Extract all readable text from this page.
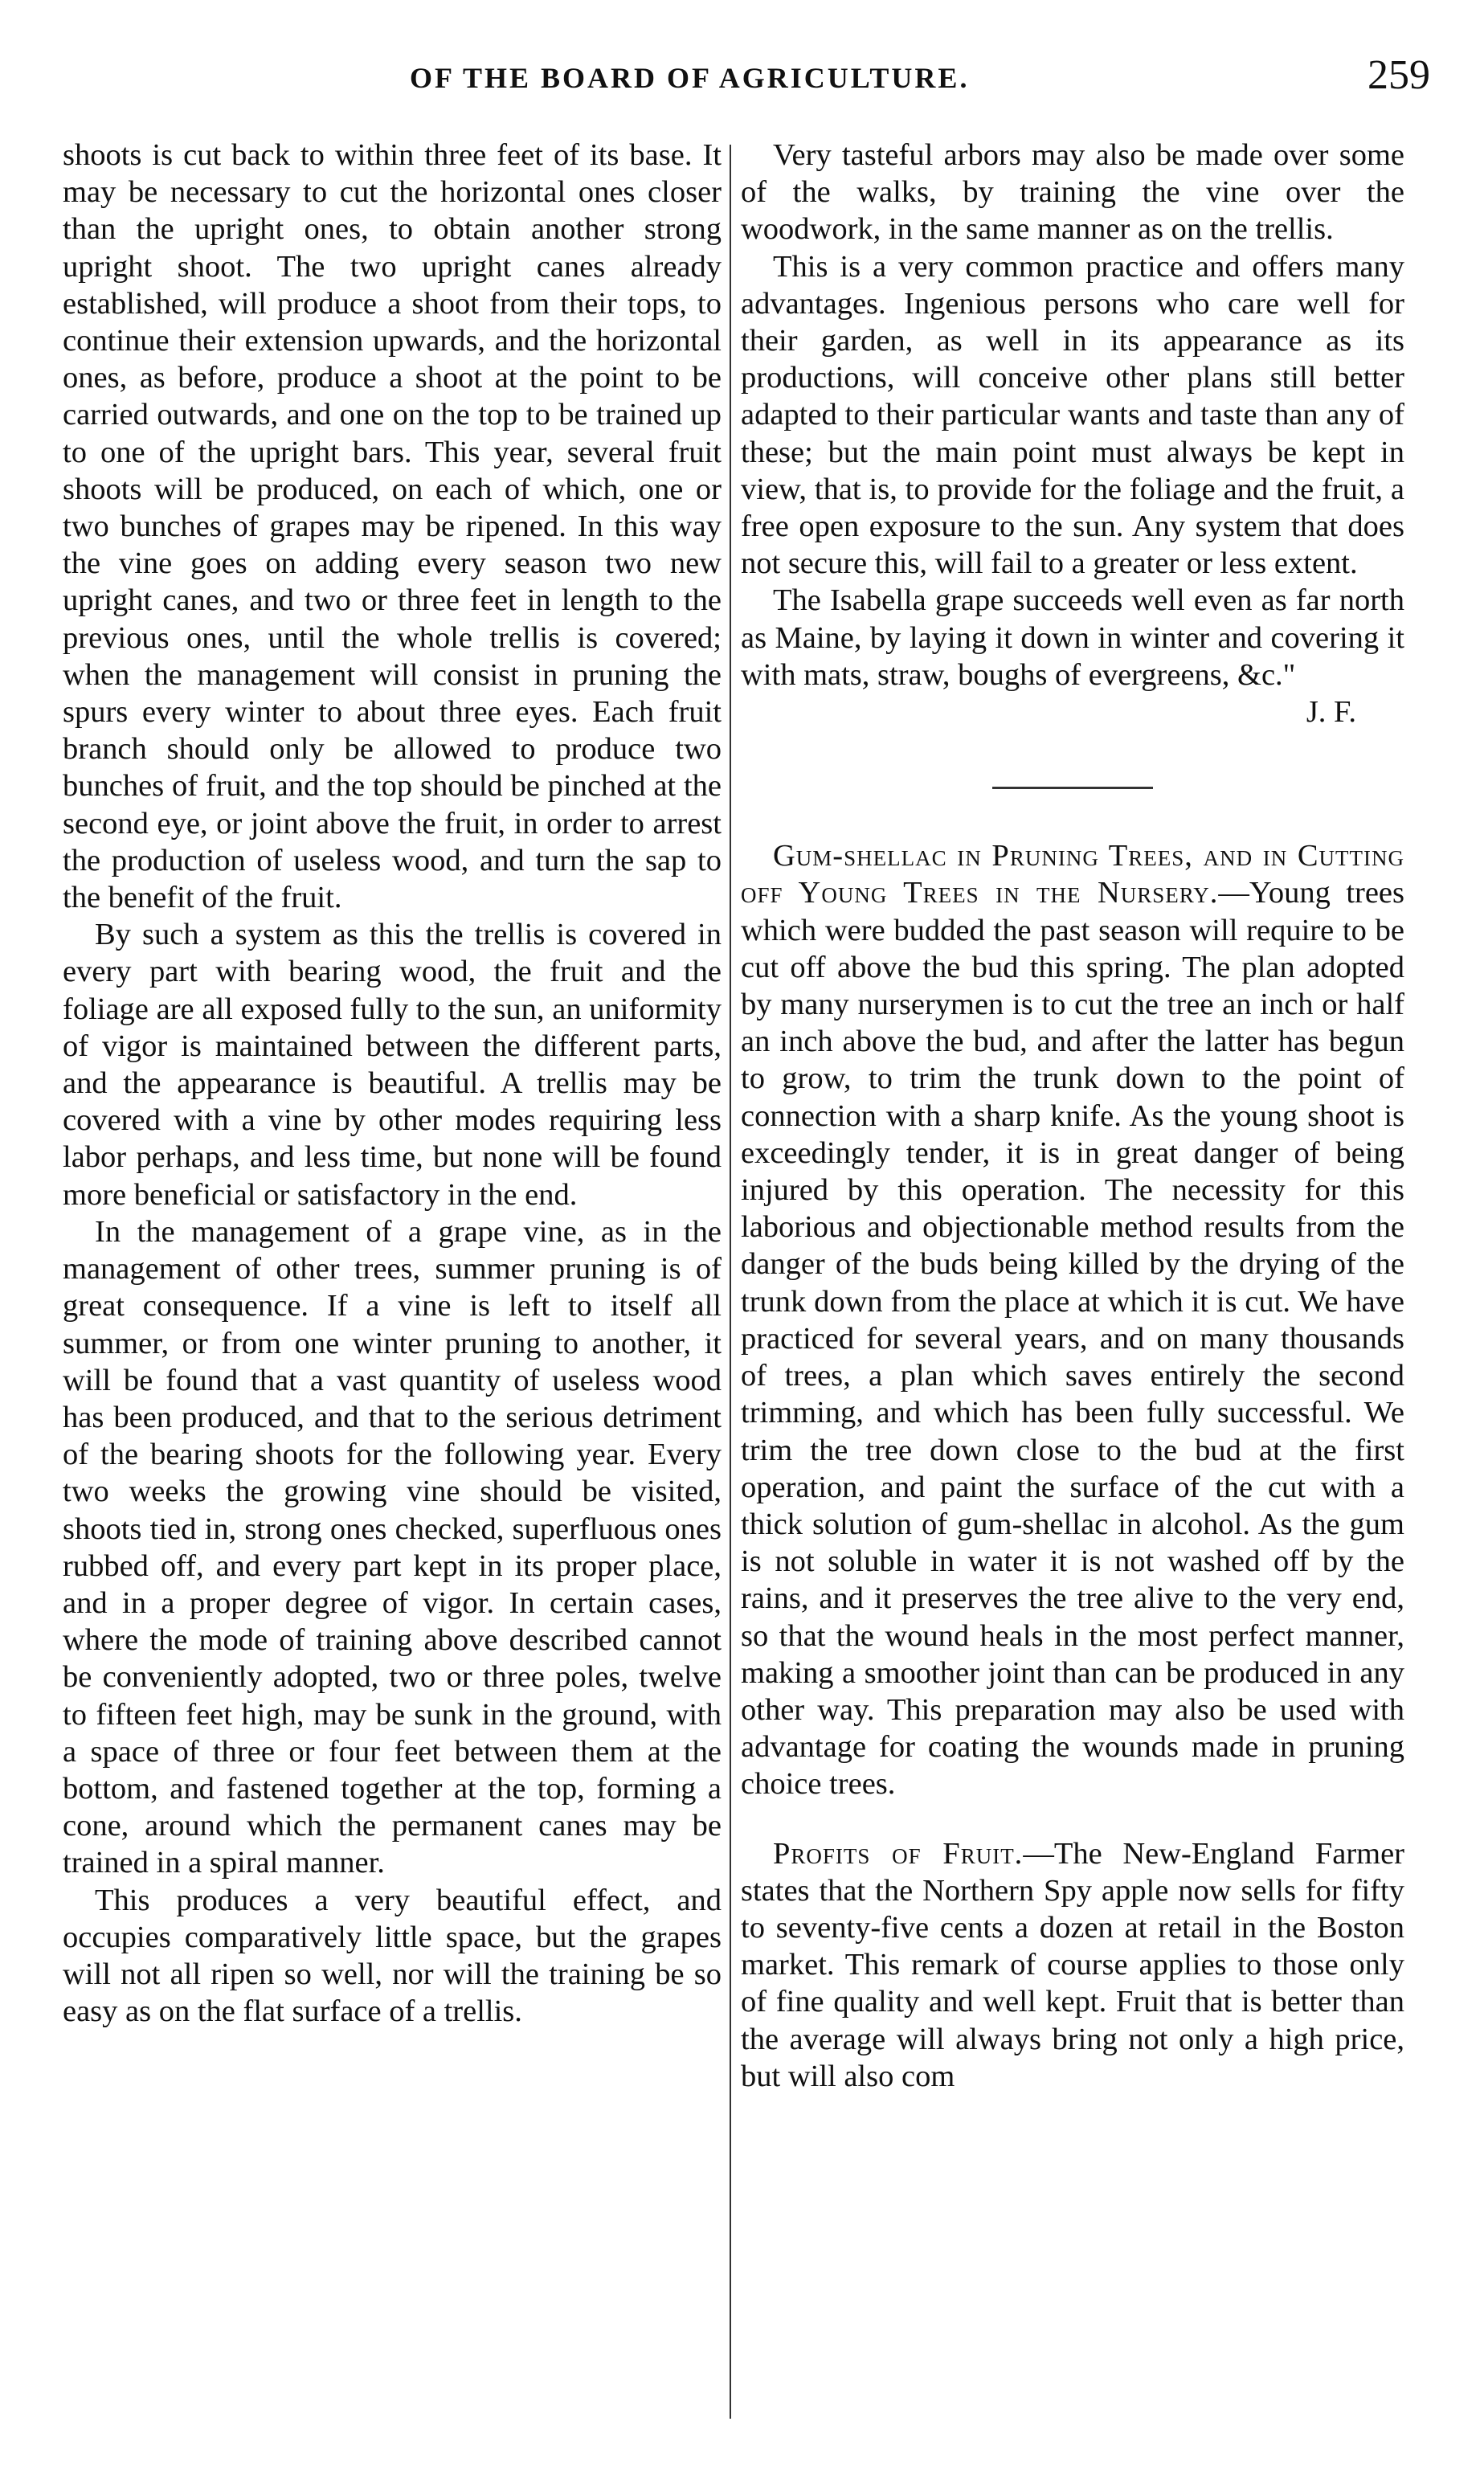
OF THE BOARD OF AGRICULTURE.	259

shoots is cut back to within three feet of its base. It may be necessary to cut the horizontal ones closer than the upright ones, to obtain another strong upright shoot. The two upright canes already established, will produce a shoot from their tops, to continue their extension upwards, and the horizontal ones, as before, produce a shoot at the point to be carried outwards, and one on the top to be trained up to one of the upright bars. This year, several fruit shoots will be produced, on each of which, one or two bunches of grapes may be ripened. In this way the vine goes on adding every season two new upright canes, and two or three feet in length to the previous ones, until the whole trellis is covered; when the management will consist in pruning the spurs every winter to about three eyes. Each fruit branch should only be allowed to produce two bunches of fruit, and the top should be pinched at the second eye, or joint above the fruit, in order to arrest the production of useless wood, and turn the sap to the benefit of the fruit.

By such a system as this the trellis is covered in every part with bearing wood, the fruit and the foliage are all exposed fully to the sun, an uniformity of vigor is maintained between the different parts, and the appearance is beautiful. A trellis may be covered with a vine by other modes requiring less labor perhaps, and less time, but none will be found more beneficial or satisfactory in the end.

In the management of a grape vine, as in the management of other trees, summer pruning is of great consequence. If a vine is left to itself all summer, or from one winter pruning to another, it will be found that a vast quantity of useless wood has been produced, and that to the serious detriment of the bearing shoots for the following year. Every two weeks the growing vine should be visited, shoots tied in, strong ones checked, superfluous ones rubbed off, and every part kept in its proper place, and in a proper degree of vigor. In certain cases, where the mode of training above described cannot be conveniently adopted, two or three poles, twelve to fifteen feet high, may be sunk in the ground, with a space of three or four feet between them at the bottom, and fastened together at the top, forming a cone, around which the permanent canes may be trained in a spiral manner.

This produces a very beautiful effect, and occupies comparatively little space, but the grapes will not all ripen so well, nor will the training be so easy as on the flat surface of a trellis.

Very tasteful arbors may also be made over some of the walks, by training the vine over the woodwork, in the same manner as on the trellis.

This is a very common practice and offers many advantages. Ingenious persons who care well for their garden, as well in its appearance as its productions, will conceive other plans still better adapted to their particular wants and taste than any of these; but the main point must always be kept in view, that is, to provide for the foliage and the fruit, a free open exposure to the sun. Any system that does not secure this, will fail to a greater or less extent.

The Isabella grape succeeds well even as far north as Maine, by laying it down in winter and covering it with mats, straw, boughs of evergreens, &c."

J. F.

Gum-shellac in Pruning Trees, and in Cutting off Young Trees in the Nursery.—Young trees which were budded the past season will require to be cut off above the bud this spring. The plan adopted by many nurserymen is to cut the tree an inch or half an inch above the bud, and after the latter has begun to grow, to trim the trunk down to the point of connection with a sharp knife. As the young shoot is exceedingly tender, it is in great danger of being injured by this operation. The necessity for this laborious and objectionable method results from the danger of the buds being killed by the drying of the trunk down from the place at which it is cut. We have practiced for several years, and on many thousands of trees, a plan which saves entirely the second trimming, and which has been fully successful. We trim the tree down close to the bud at the first operation, and paint the surface of the cut with a thick solution of gum-shellac in alcohol. As the gum is not soluble in water it is not washed off by the rains, and it preserves the tree alive to the very end, so that the wound heals in the most perfect manner, making a smoother joint than can be produced in any other way. This preparation may also be used with advantage for coating the wounds made in pruning choice trees.

Profits of Fruit.—The New-England Farmer states that the Northern Spy apple now sells for fifty to seventy-five cents a dozen at retail in the Boston market. This remark of course applies to those only of fine quality and well kept. Fruit that is better than the average will always bring not only a high price, but will also com
